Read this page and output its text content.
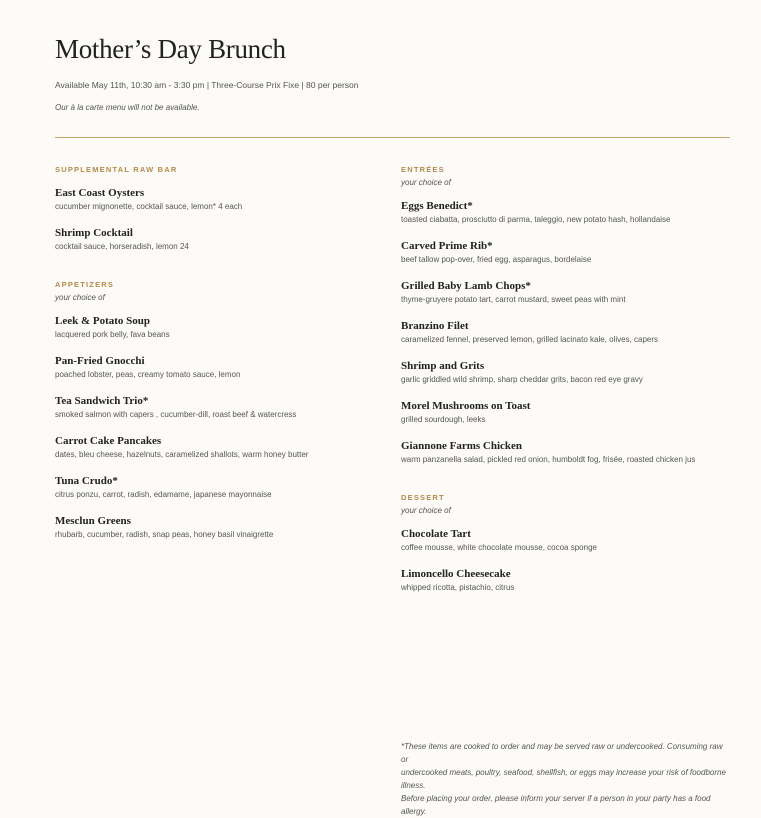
Mother’s Day Brunch
Available May 11th, 10:30 am - 3:30 pm | Three-Course Prix Fixe | 80 per person
Our à la carte menu will not be available.
SUPPLEMENTAL RAW BAR
East Coast Oysters
cucumber mignonette, cocktail sauce, lemon* 4 each
Shrimp Cocktail
cocktail sauce, horseradish, lemon 24
APPETIZERS
your choice of
Leek & Potato Soup
lacquered pork belly, fava beans
Pan-Fried Gnocchi
poached lobster, peas, creamy tomato sauce, lemon
Tea Sandwich Trio*
smoked salmon with capers , cucumber-dill, roast beef & watercress
Carrot Cake Pancakes
dates, bleu cheese, hazelnuts, caramelized shallots, warm honey butter
Tuna Crudo*
citrus ponzu, carrot, radish, edamame, japanese mayonnaise
Mesclun Greens
rhubarb, cucumber, radish, snap peas, honey basil vinaigrette
ENTRÉES
your choice of
Eggs Benedict*
toasted ciabatta, prosciutto di parma, taleggio, new potato hash, hollandaise
Carved Prime Rib*
beef tallow pop-over, fried egg, asparagus, bordelaise
Grilled Baby Lamb Chops*
thyme-gruyere potato tart, carrot mustard, sweet peas with mint
Branzino Filet
caramelized fennel, preserved lemon, grilled lacinato kale, olives, capers
Shrimp and Grits
garlic griddled wild shrimp, sharp cheddar grits, bacon red eye gravy
Morel Mushrooms on Toast
grilled sourdough, leeks
Giannone Farms Chicken
warm panzanella salad, pickled red onion, humboldt fog, frisée, roasted chicken jus
DESSERT
your choice of
Chocolate Tart
coffee mousse, white chocolate mousse, cocoa sponge
Limoncello Cheesecake
whipped ricotta, pistachio, citrus
*These items are cooked to order and may be served raw or undercooked. Consuming raw or
undercooked meats, poultry, seafood, shellfish, or eggs may increase your risk of foodborne illness.
Before placing your order, please inform your server if a person in your party has a food allergy.
